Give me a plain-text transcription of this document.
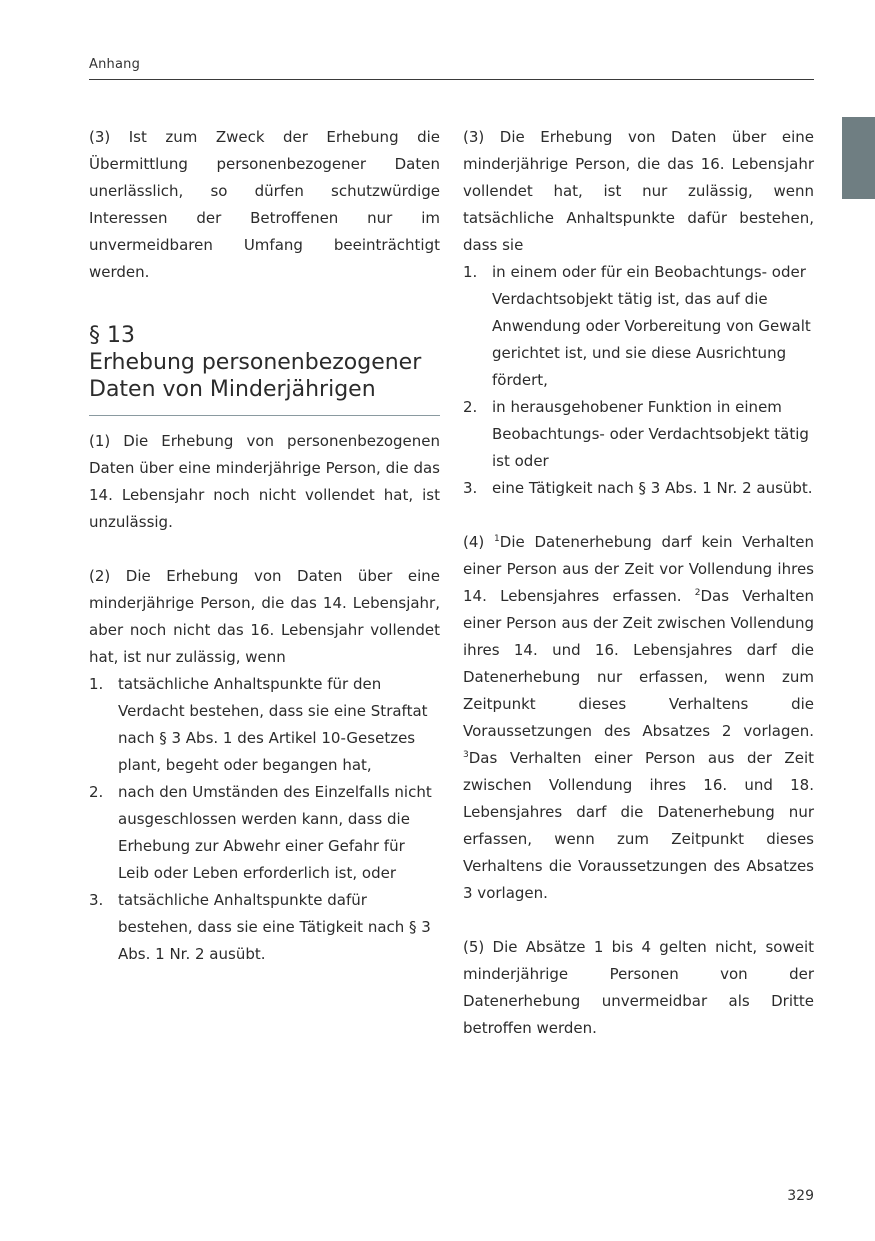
Anhang

(3) Ist zum Zweck der Erhebung die Übermittlung personenbezogener Daten unerlässlich, so dürfen schutzwürdige Interessen der Betroffenen nur im unvermeidbaren Umfang beeinträchtigt werden.

§ 13
Erhebung personenbezogener
Daten von Minderjährigen

(1) Die Erhebung von personenbezogenen Daten über eine minderjährige Person, die das 14. Lebensjahr noch nicht vollendet hat, ist unzulässig.

(2) Die Erhebung von Daten über eine minderjährige Person, die das 14. Lebensjahr, aber noch nicht das 16. Lebensjahr vollendet hat, ist nur zulässig, wenn

1. tatsächliche Anhaltspunkte für den Verdacht bestehen, dass sie eine Straftat nach § 3 Abs. 1 des Artikel 10-Gesetzes plant, begeht oder begangen hat,
2. nach den Umständen des Einzelfalls nicht ausgeschlossen werden kann, dass die Erhebung zur Abwehr einer Gefahr für Leib oder Leben erforderlich ist, oder
3. tatsächliche Anhaltspunkte dafür bestehen, dass sie eine Tätigkeit nach § 3 Abs. 1 Nr. 2 ausübt.

(3) Die Erhebung von Daten über eine minderjährige Person, die das 16. Lebensjahr vollendet hat, ist nur zulässig, wenn tatsächliche Anhaltspunkte dafür bestehen, dass sie

1. in einem oder für ein Beobachtungs- oder Verdachtsobjekt tätig ist, das auf die Anwendung oder Vorbereitung von Gewalt gerichtet ist, und sie diese Ausrichtung fördert,
2. in herausgehobener Funktion in einem Beobachtungs- oder Verdachtsobjekt tätig ist oder
3. eine Tätigkeit nach § 3 Abs. 1 Nr. 2 ausübt.

(4) $^1$Die Datenerhebung darf kein Verhalten einer Person aus der Zeit vor Vollendung ihres 14. Lebensjahres erfassen. $^2$Das Verhalten einer Person aus der Zeit zwischen Vollendung ihres 14. und 16. Lebensjahres darf die Datenerhebung nur erfassen, wenn zum Zeitpunkt dieses Verhaltens die Voraussetzungen des Absatzes 2 vorlagen. $^3$Das Verhalten einer Person aus der Zeit zwischen Vollendung ihres 16. und 18. Lebensjahres darf die Datenerhebung nur erfassen, wenn zum Zeitpunkt dieses Verhaltens die Voraussetzungen des Absatzes 3 vorlagen.

(5) Die Absätze 1 bis 4 gelten nicht, soweit minderjährige Personen von der Datenerhebung unvermeidbar als Dritte betroffen werden.

329
